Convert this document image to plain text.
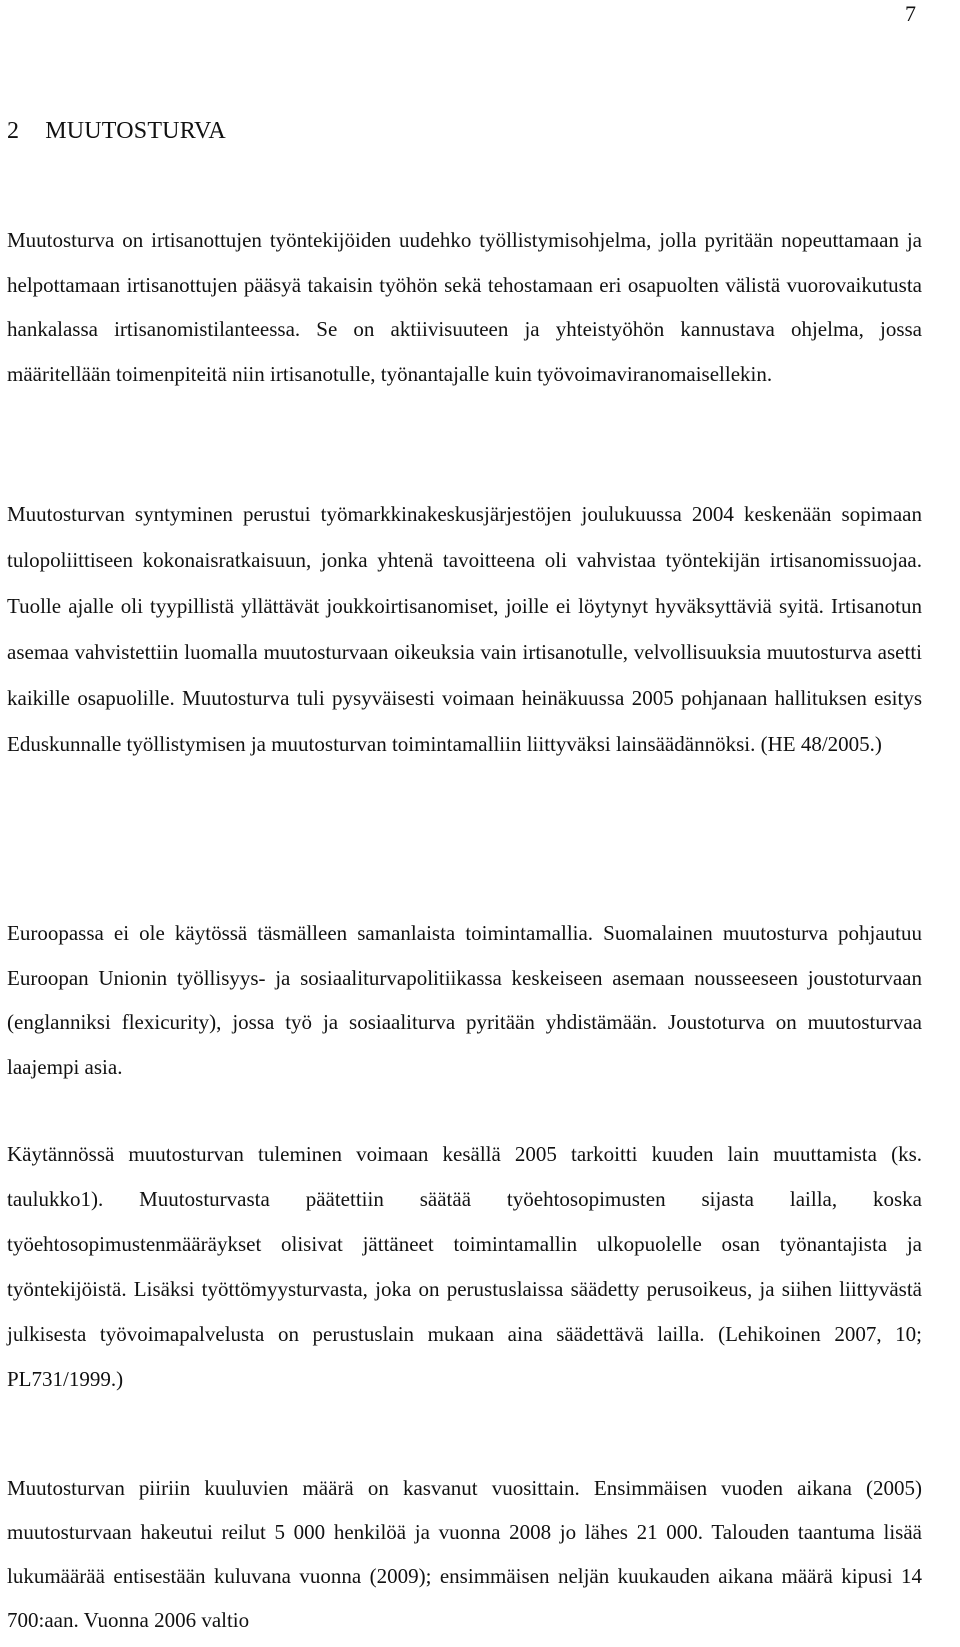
7
2 MUUTOSTURVA

Muutosturva on irtisanottujen työntekijöiden uudehko työllistymisohjelma, jolla pyritään nopeuttamaan ja helpottamaan irtisanottujen pääsyä takaisin työhön sekä tehostamaan eri osapuolten välistä vuorovaikutusta hankalassa irtisanomistilanteessa. Se on aktiivisuuteen ja yhteistyöhön kannustava ohjelma, jossa määritellään toimenpiteitä niin irtisanotulle, työnantajalle kuin työvoimaviranomaisellekin.

Muutosturvan syntyminen perustui työmarkkinakeskusjärjestöjen joulukuussa 2004 keskenään sopimaan tulopoliittiseen kokonaisratkaisuun, jonka yhtenä tavoitteena oli vahvistaa työntekijän irtisanomissuojaa. Tuolle ajalle oli tyypillistä yllättävät joukkoirtisanomiset, joille ei löytynyt hyväksyttäviä syitä. Irtisanotun asemaa vahvistettiin luomalla muutosturvaan oikeuksia vain irtisanotulle, velvollisuuksia muutosturva asetti kaikille osapuolille. Muutosturva tuli pysyväisesti voimaan heinäkuussa 2005 pohjanaan hallituksen esitys Eduskunnalle työllistymisen ja muutosturvan toimintamalliin liittyväksi lainsäädännöksi. (HE 48/2005.)

Euroopassa ei ole käytössä täsmälleen samanlaista toimintamallia. Suomalainen muutosturva pohjautuu Euroopan Unionin työllisyys- ja sosiaaliturvapolitiikassa keskeiseen asemaan nousseeseen joustoturvaan (englanniksi flexicurity), jossa työ ja sosiaaliturva pyritään yhdistämään. Joustoturva on muutosturvaa laajempi asia.

Käytännössä muutosturvan tuleminen voimaan kesällä 2005 tarkoitti kuuden lain muuttamista (ks. taulukko1). Muutosturvasta päätettiin säätää työehtosopimusten sijasta lailla, koska työehtosopimustenmääräykset olisivat jättäneet toimintamallin ulkopuolelle osan työnantajista ja työntekijöistä. Lisäksi työttömyysturvasta, joka on perustuslaissa säädetty perusoikeus, ja siihen liittyvästä julkisesta työvoimapalvelusta on perustuslain mukaan aina säädettävä lailla. (Lehikoinen 2007, 10; PL731/1999.)

Muutosturvan piiriin kuuluvien määrä on kasvanut vuosittain. Ensimmäisen vuoden aikana (2005) muutosturvaan hakeutui reilut 5 000 henkilöä ja vuonna 2008 jo lähes 21 000. Talouden taantuma lisää lukumäärää entisestään kuluvana vuonna (2009); ensimmäisen neljän kuukauden aikana määrä kipusi 14 700:aan. Vuonna 2006 valtio
